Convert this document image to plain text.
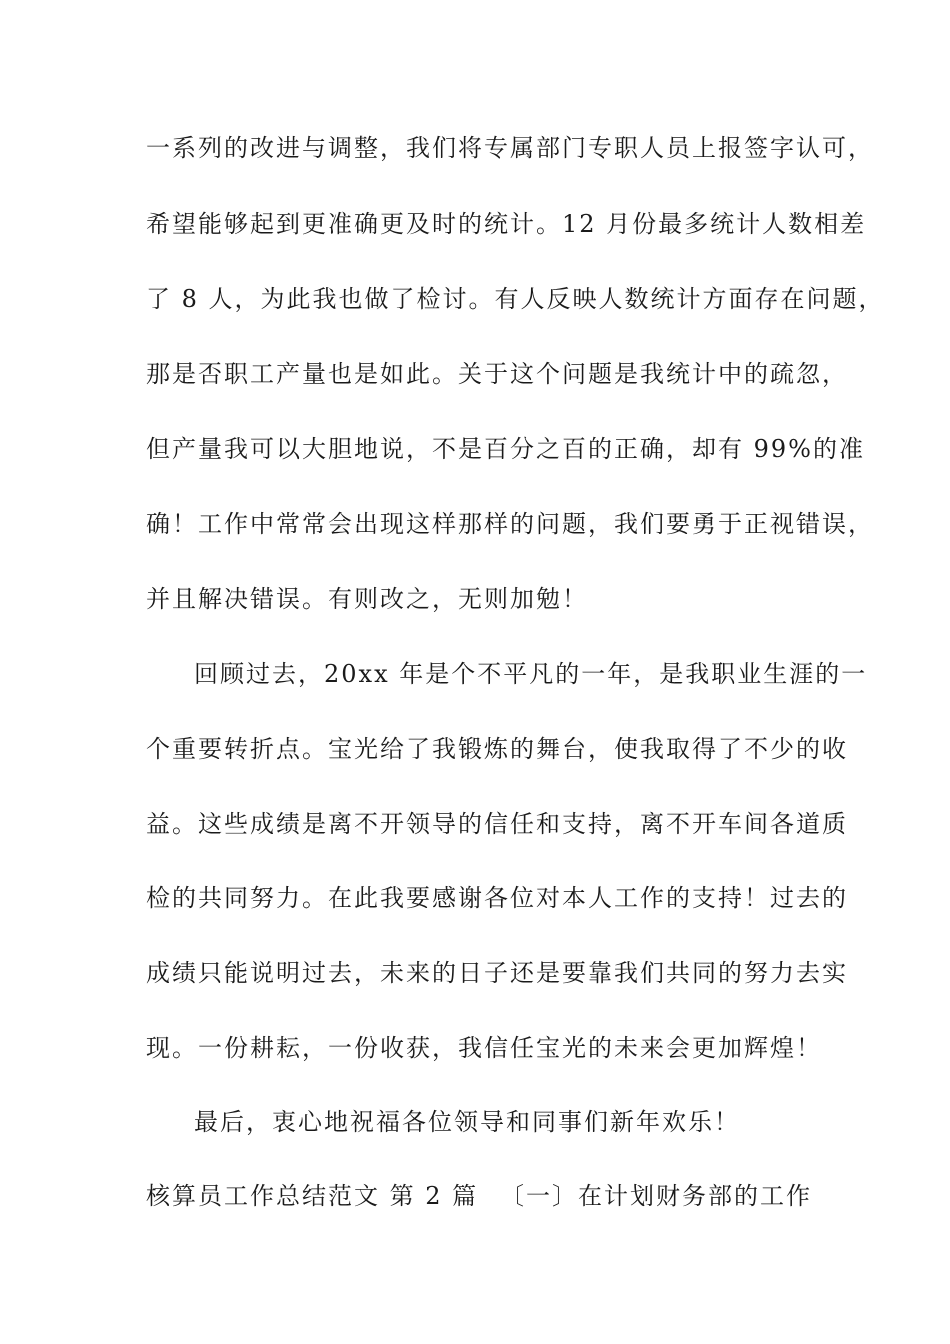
一系列的改进与调整，我们将专属部门专职人员上报签字认可，
希望能够起到更准确更及时的统计。12 月份最多统计人数相差
了 8 人，为此我也做了检讨。有人反映人数统计方面存在问题，
那是否职工产量也是如此。关于这个问题是我统计中的疏忽，
但产量我可以大胆地说，不是百分之百的正确，却有 99%的准
确！工作中常常会出现这样那样的问题，我们要勇于正视错误，
并且解决错误。有则改之，无则加勉！
回顾过去，20xx 年是个不平凡的一年，是我职业生涯的一
个重要转折点。宝光给了我锻炼的舞台，使我取得了不少的收
益。这些成绩是离不开领导的信任和支持，离不开车间各道质
检的共同努力。在此我要感谢各位对本人工作的支持！过去的
成绩只能说明过去，未来的日子还是要靠我们共同的努力去实
现。一份耕耘，一份收获，我信任宝光的未来会更加辉煌！
最后，衷心地祝福各位领导和同事们新年欢乐！
核算员工作总结范文 第 2 篇 〔一〕在计划财务部的工作
